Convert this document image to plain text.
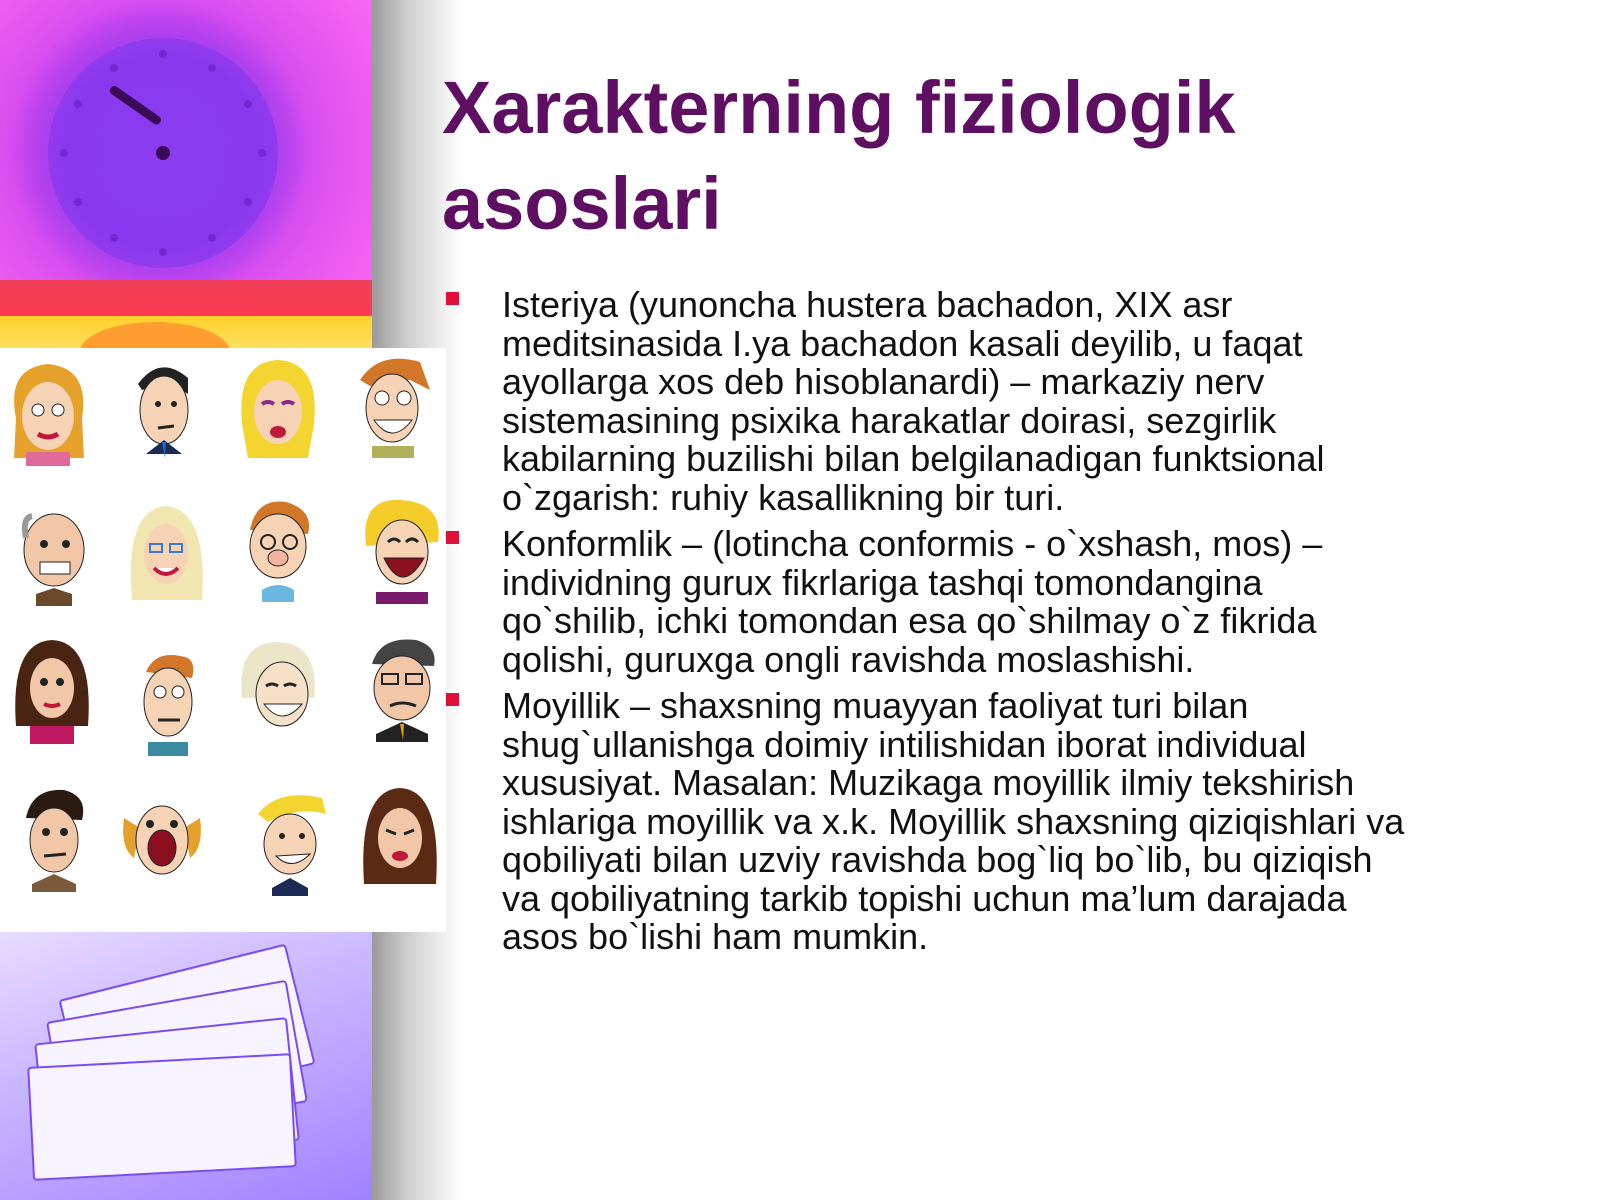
Xarakterning fiziologik
asoslari
Isteriya (yunoncha hustera bachadon, XIX asr
meditsinasida I.ya bachadon kasali deyilib, u faqat
ayollarga xos deb hisoblanardi) – markaziy nerv
sistemasining psixika harakatlar doirasi, sezgirlik
kabilarning buzilishi bilan belgilanadigan funktsional
o`zgarish: ruhiy kasallikning bir turi.
Konformlik – (lotincha conformis - o`xshash, mos) –
individning gurux fikrlariga tashqi tomondangina
qo`shilib, ichki tomondan esa qo`shilmay o`z fikrida
qolishi, guruxga ongli ravishda moslashishi.
Moyillik – shaxsning muayyan faoliyat turi bilan
shug`ullanishga doimiy intilishidan iborat individual
xususiyat. Masalan: Muzikaga moyillik ilmiy tekshirish
ishlariga moyillik va x.k. Moyillik shaxsning qiziqishlari va
qobiliyati bilan uzviy ravishda bog`liq bo`lib, bu qiziqish
va qobiliyatning tarkib topishi uchun ma’lum darajada
asos bo`lishi ham mumkin.
